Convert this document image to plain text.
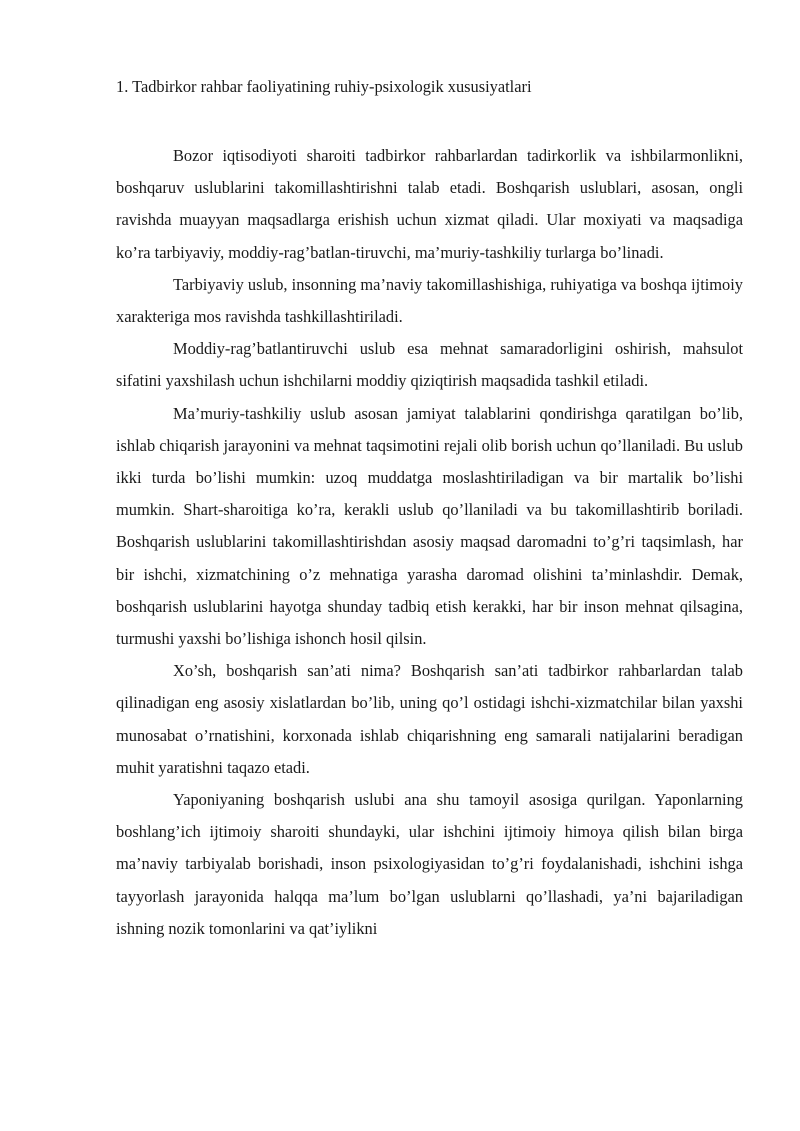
1. Tadbirkor rahbar faoliyatining ruhiy-psixologik xususiyatlari

Bozor iqtisodiyoti sharoiti tadbirkor rahbarlardan tadirkorlik va ishbilarmonlikni, boshqaruv uslublarini takomillashtirishni talab etadi. Boshqarish uslublari, asosan, ongli ravishda muayyan maqsadlarga erishish uchun xizmat qiladi. Ular moxiyati va maqsadiga ko’ra tarbiyaviy, moddiy-rag’batlan-tiruvchi, ma’muriy-tashkiliy turlarga bo’linadi.

Tarbiyaviy uslub, insonning ma’naviy takomillashishiga, ruhiyatiga va boshqa ijtimoiy xarakteriga mos ravishda tashkillashtiriladi.

Moddiy-rag’batlantiruvchi uslub esa mehnat samaradorligini oshirish, mahsulot sifatini yaxshilash uchun ishchilarni moddiy qiziqtirish maqsadida tashkil etiladi.

Ma’muriy-tashkiliy uslub asosan jamiyat talablarini qondirishga qaratilgan bo’lib, ishlab chiqarish jarayonini va mehnat taqsimotini rejali olib borish uchun qo’llaniladi. Bu uslub ikki turda bo’lishi mumkin: uzoq muddatga moslashtiriladigan va bir martalik bo’lishi mumkin. Shart-sharoitiga ko’ra, kerakli uslub qo’llaniladi va bu takomillashtirib boriladi. Boshqarish uslublarini takomillashtirishdan asosiy maqsad daromadni to’g’ri taqsimlash, har bir ishchi, xizmatchining o’z mehnatiga yarasha daromad olishini ta’minlashdir. Demak, boshqarish uslublarini hayotga shunday tadbiq etish kerakki, har bir inson mehnat qilsagina, turmushi yaxshi bo’lishiga ishonch hosil qilsin.

Xo’sh, boshqarish san’ati nima? Boshqarish san’ati tadbirkor rahbarlardan talab qilinadigan eng asosiy xislatlardan bo’lib, uning qo’l ostidagi ishchi-xizmatchilar bilan yaxshi munosabat o’rnatishini, korxonada ishlab chiqarishning eng samarali natijalarini beradigan muhit yaratishni taqazo etadi.

Yaponiyaning boshqarish uslubi ana shu tamoyil asosiga qurilgan. Yaponlarning boshlang’ich ijtimoiy sharoiti shundayki, ular ishchini ijtimoiy himoya qilish bilan birga ma’naviy tarbiyalab borishadi, inson psixologiyasidan to’g’ri foydalanishadi, ishchini ishga tayyorlash jarayonida halqqa ma’lum bo’lgan uslublarni qo’llashadi, ya’ni bajariladigan ishning nozik tomonlarini va qat’iylikni
